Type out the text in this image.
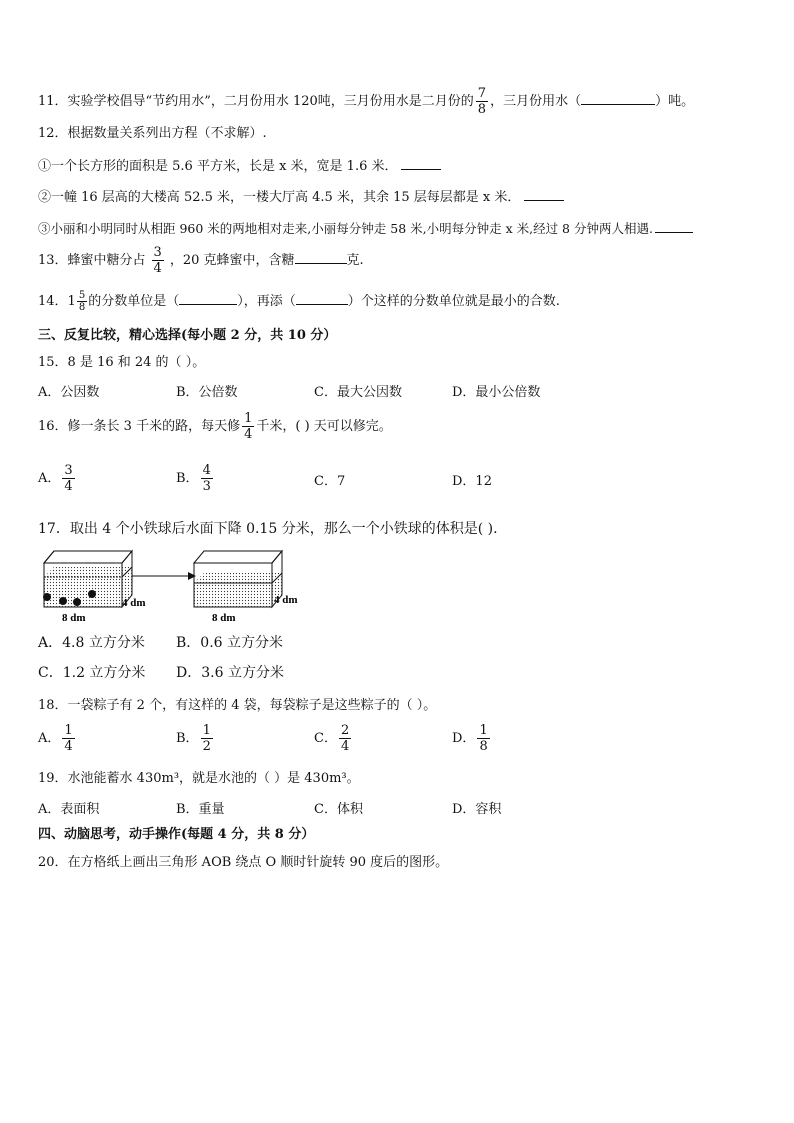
11．实验学校倡导“节约用水”，二月份用水 120吨，三月份用水是二月份的 $\frac{7}{8}$ ，三月份用水（	）吨。
12．根据数量关系列出方程（不求解）.
①一个长方形的面积是 5.6 平方米，长是 x 米，宽是 1.6 米．
②一幢 16 层高的大楼高 52.5 米，一楼大厅高 4.5 米，其余 15 层每层都是 x 米．
③小丽和小明同时从相距 960 米的两地相对走来,小丽每分钟走 58 米,小明每分钟走 x 米,经过 8 分钟两人相遇.
13．蜂蜜中糖分占 $\frac{3}{4}$ ，20 克蜂蜜中，含糖	克.
14．$1 \frac{5}{8}$ 的分数单位是（	），再添（	）个这样的分数单位就是最小的合数.
三、反复比较，精心选择(每小题 2 分，共 10 分）
15．8 是 16 和 24 的（ ）。
A．公因数	B．公倍数	C．最大公因数	D．最小公倍数
16．修一条长 3 千米的路，每天修 $\frac{1}{4}$ 千米，( ) 天可以修完。
A． $\frac{3}{4}$	B． $\frac{4}{3}$	C．7	D．12
17．取出 4 个小铁球后水面下降 0.15 分米，那么一个小铁球的体积是( ).
4 dm
8 dm
4 dm
8 dm
A．4.8 立方分米 B．0.6 立方分米
C．1.2 立方分米 D．3.6 立方分米
18．一袋粽子有 2 个，有这样的 4 袋，每袋粽子是这些粽子的（ ）。
A． $\frac{1}{4}$	B． $\frac{1}{2}$	C． $\frac{2}{4}$	D． $\frac{1}{8}$
19．水池能蓄水 430m³，就是水池的（ ）是 430m³。
A．表面积	B．重量	C．体积	D．容积
四、动脑思考，动手操作(每题 4 分，共 8 分）
20．在方格纸上画出三角形 AOB 绕点 O 顺时针旋转 90 度后的图形。
